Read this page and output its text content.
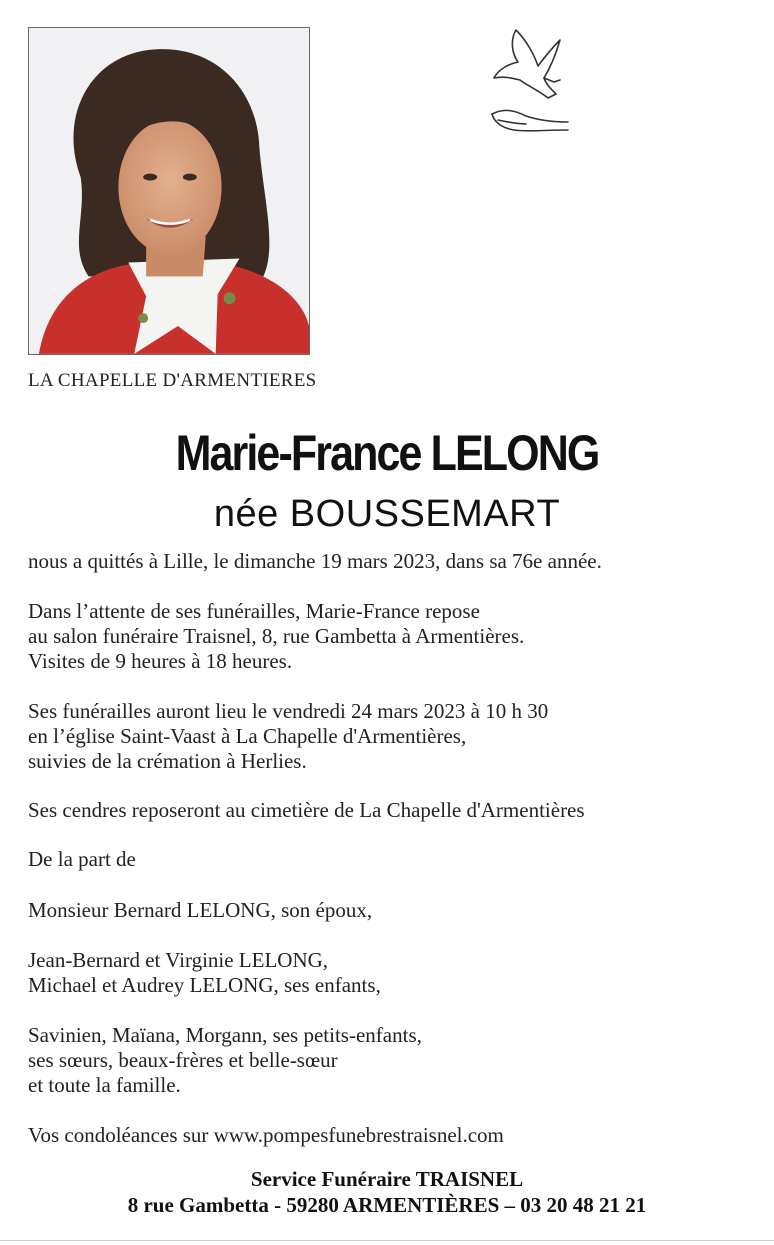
LA CHAPELLE D'ARMENTIERES
Marie-France LELONG
née BOUSSEMART
nous a quittés à Lille, le dimanche 19 mars 2023, dans sa 76e année.
Dans l’attente de ses funérailles, Marie-France repose
au salon funéraire Traisnel, 8, rue Gambetta à Armentières.
Visites de 9 heures à 18 heures.
Ses funérailles auront lieu le vendredi 24 mars 2023 à 10 h 30
en l’église Saint-Vaast à La Chapelle d'Armentières,
suivies de la crémation à Herlies.
Ses cendres reposeront au cimetière de La Chapelle d'Armentières
De la part de
Monsieur Bernard LELONG, son époux,
Jean-Bernard et Virginie LELONG,
Michael et Audrey LELONG, ses enfants,
Savinien, Maïana, Morgann, ses petits-enfants,
ses sœurs, beaux-frères et belle-sœur
et toute la famille.
Vos condoléances sur www.pompesfunebrestraisnel.com
Service Funéraire TRAISNEL
8 rue Gambetta - 59280 ARMENTIÈRES – 03 20 48 21 21
